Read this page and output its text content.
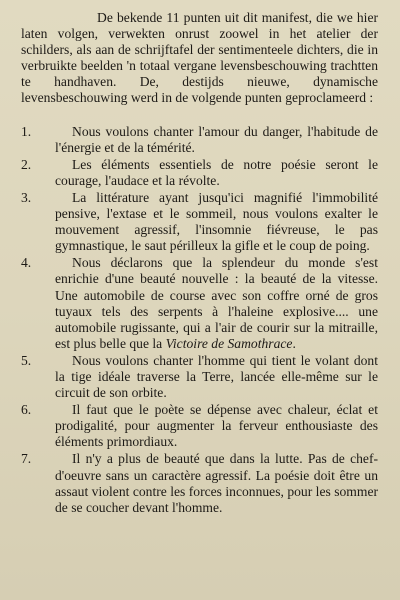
De bekende 11 punten uit dit manifest, die we hier laten volgen, verwekten onrust zoowel in het atelier der schilders, als aan de schrijftafel der sentimenteele dichters, die in verbruikte beelden 'n totaal vergane levensbeschouwing trachtten te handhaven. De, destijds nieuwe, dynamische levensbeschouwing werd in de volgende punten geproclameerd :

1.	Nous voulons chanter l'amour du danger, l'habitude de l'énergie et de la témérité.
2.	Les éléments essentiels de notre poésie seront le courage, l'audace et la révolte.
3.	La littérature ayant jusqu'ici magnifié l'immobilité pensive, l'extase et le sommeil, nous voulons exalter le mouvement agressif, l'insomnie fiévreuse, le pas gymnastique, le saut périlleux la gifle et le coup de poing.
4.	Nous déclarons que la splendeur du monde s'est enrichie d'une beauté nouvelle : la beauté de la vitesse. Une automobile de course avec son coffre orné de gros tuyaux tels des serpents à l'haleine explosive.... une automobile rugissante, qui a l'air de courir sur la mitraille, est plus belle que la Victoire de Samothrace.
5.	Nous voulons chanter l'homme qui tient le volant dont la tige idéale traverse la Terre, lancée elle-même sur le circuit de son orbite.
6.	Il faut que le poète se dépense avec chaleur, éclat et prodigalité, pour augmenter la ferveur enthousiaste des éléments primordiaux.
7.	Il n'y a plus de beauté que dans la lutte. Pas de chef-d'oeuvre sans un caractère agressif. La poésie doit être un assaut violent contre les forces inconnues, pour les sommer de se coucher devant l'homme.
